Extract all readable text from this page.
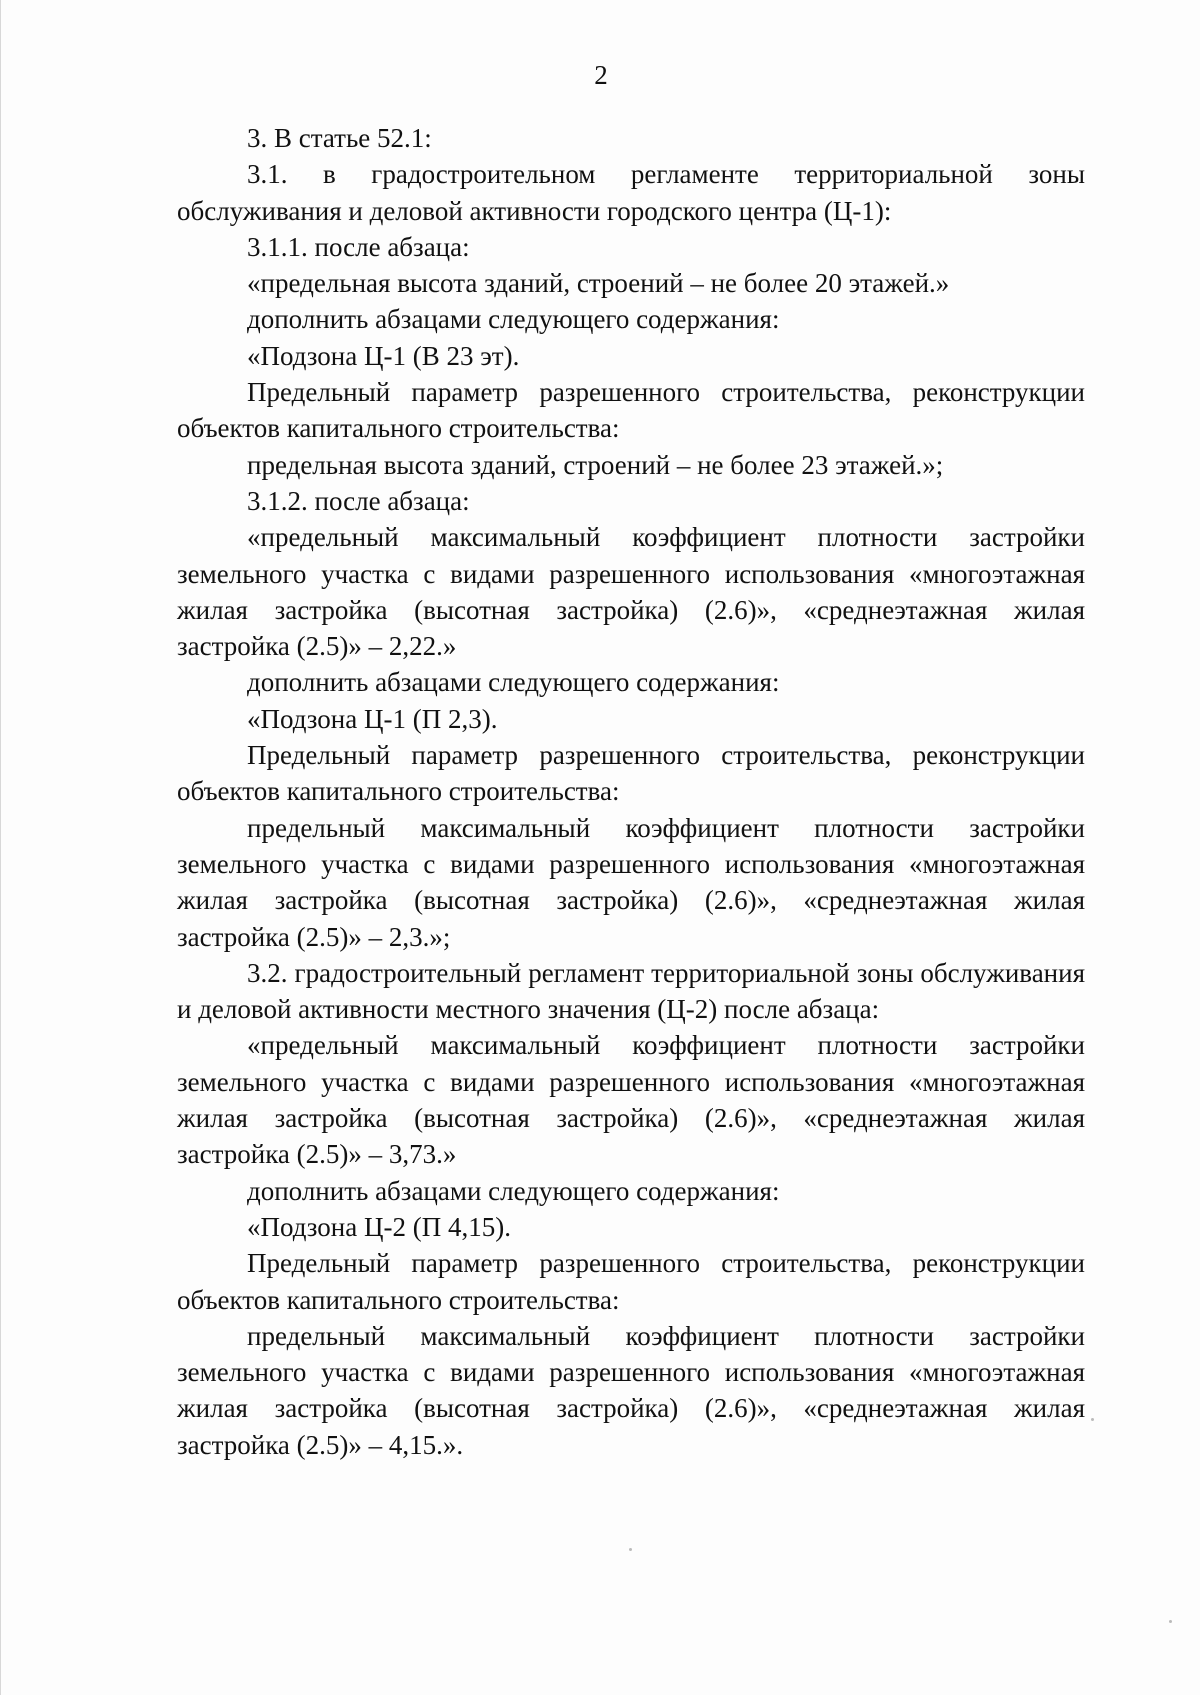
2

3. В статье 52.1:

3.1. в градостроительном регламенте территориальной зоны обслуживания и деловой активности городского центра (Ц-1):

3.1.1. после абзаца:

«предельная высота зданий, строений – не более 20 этажей.»

дополнить абзацами следующего содержания:

«Подзона Ц-1 (В 23 эт).

Предельный параметр разрешенного строительства, реконструкции объектов капитального строительства:

предельная высота зданий, строений – не более 23 этажей.»;

3.1.2. после абзаца:

«предельный максимальный коэффициент плотности застройки земельного участка с видами разрешенного использования «многоэтажная жилая застройка (высотная застройка) (2.6)», «среднеэтажная жилая застройка (2.5)» – 2,22.»

дополнить абзацами следующего содержания:

«Подзона Ц-1 (П 2,3).

Предельный параметр разрешенного строительства, реконструкции объектов капитального строительства:

предельный максимальный коэффициент плотности застройки земельного участка с видами разрешенного использования «многоэтажная жилая застройка (высотная застройка) (2.6)», «среднеэтажная жилая застройка (2.5)» – 2,3.»;

3.2. градостроительный регламент территориальной зоны обслуживания и деловой активности местного значения (Ц-2) после абзаца:

«предельный максимальный коэффициент плотности застройки земельного участка с видами разрешенного использования «многоэтажная жилая застройка (высотная застройка) (2.6)», «среднеэтажная жилая застройка (2.5)» – 3,73.»

дополнить абзацами следующего содержания:

«Подзона Ц-2 (П 4,15).

Предельный параметр разрешенного строительства, реконструкции объектов капитального строительства:

предельный максимальный коэффициент плотности застройки земельного участка с видами разрешенного использования «многоэтажная жилая застройка (высотная застройка) (2.6)», «среднеэтажная жилая застройка (2.5)» – 4,15.».
